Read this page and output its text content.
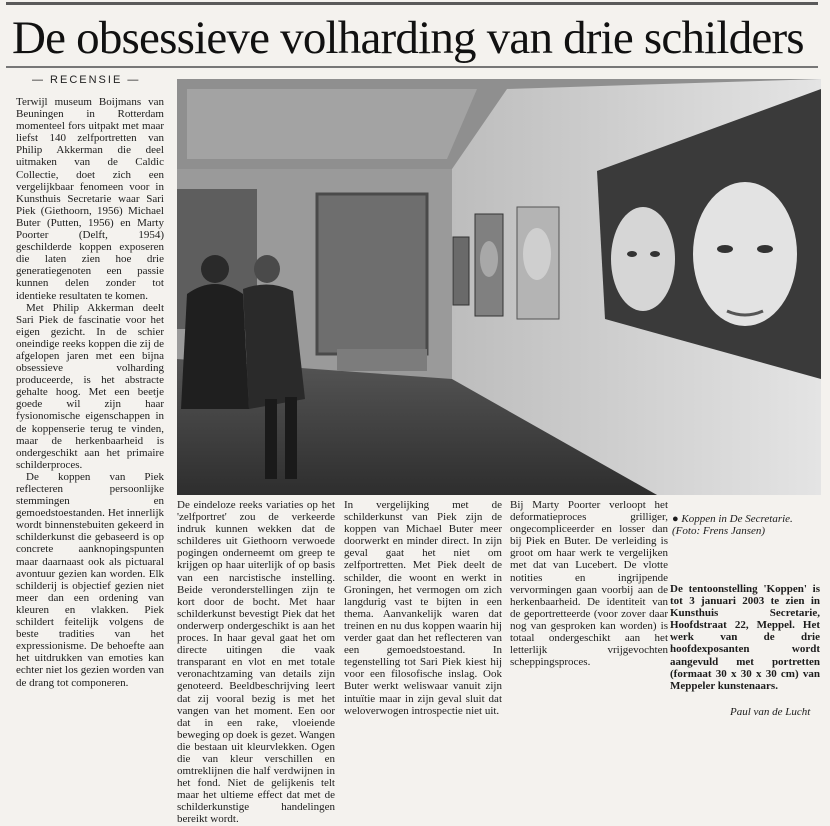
De obsessieve volharding van drie schilders
— RECENSIE —

Terwijl museum Boijmans van Beuningen in Rotterdam momenteel fors uitpakt met maar liefst 140 zelfportretten van Philip Akkerman die deel uitmaken van de Caldic Collectie, doet zich een vergelijkbaar fenomeen voor in Kunsthuis Secretarie waar Sari Piek (Giethoorn, 1956) Michael Buter (Putten, 1956) en Marty Poorter (Delft, 1954) geschilderde koppen exposeren die laten zien hoe drie generatiegenoten een passie kunnen delen zonder tot identieke resultaten te komen.

Met Philip Akkerman deelt Sari Piek de fascinatie voor het eigen gezicht. In de schier oneindige reeks koppen die zij de afgelopen jaren met een bijna obsessieve volharding produceerde, is het abstracte gehalte hoog. Met een beetje goede wil zijn haar fysionomische eigenschappen in de koppenserie terug te vinden, maar de herkenbaarheid is ondergeschikt aan het primaire schilderproces.

De koppen van Piek reflecteren persoonlijke stemmingen en gemoedstoestanden. Het innerlijk wordt binnenstebuiten gekeerd in schilderkunst die gebaseerd is op concrete aanknopingspunten maar daarnaast ook als pictuaral avontuur gezien kan worden. Elk schilderij is objectief gezien niet meer dan een ordening van kleuren en vlakken. Piek schildert feitelijk volgens de beste tradities van het expressionisme. De behoefte aan het uitdrukken van emoties kan echter niet los gezien worden van de drang tot componeren.

De eindeloze reeks variaties op het 'zelfportret' zou de verkeerde indruk kunnen wekken dat de schilderes uit Giethoorn verwoede pogingen onderneemt om greep te krijgen op haar uiterlijk of op basis van een narcistische instelling. Beide veronderstellingen zijn te kort door de bocht. Met haar schilderkunst bevestigt Piek dat het onderwerp ondergeschikt is aan het proces. In haar geval gaat het om directe uitingen die vaak transparant en vlot en met totale veronachtzaming van details zijn genoteerd. Beeldbeschrijving leert dat zij vooral bezig is met het vangen van het moment. Een oor dat in een rake, vloeiende beweging op doek is gezet. Wangen die bestaan uit kleurvlekken. Ogen die van kleur verschillen en omtreklijnen die half verdwijnen in het fond. Niet de gelijkenis telt maar het ultieme effect dat met de schilderkunstige handelingen bereikt wordt.

In vergelijking met de schilderkunst van Piek zijn de koppen van Michael Buter meer doorwerkt en minder direct. In zijn geval gaat het niet om zelfportretten. Met Piek deelt de schilder, die woont en werkt in Groningen, het vermogen om zich langdurig vast te bijten in een thema. Aanvankelijk waren dat treinen en nu dus koppen waarin hij verder gaat dan het reflecteren van een gemoedstoestand. In tegenstelling tot Sari Piek kiest hij voor een filosofische inslag. Ook Buter werkt weliswaar vanuit zijn intuïtie maar in zijn geval sluit dat weloverwogen introspectie niet uit.

Bij Marty Poorter verloopt het deformatieproces grilliger, ongecompliceerder en losser dan bij Piek en Buter. De verleiding is groot om haar werk te vergelijken met dat van Lucebert. De vlotte notities en ingrijpende vervormingen gaan voorbij aan de herkenbaarheid. De identiteit van de geportretteerde (voor zover daar nog van gesproken kan worden) is totaal ondergeschikt aan het letterlijk vrijgevochten scheppingsproces.

● Koppen in De Secretarie. (Foto: Frens Jansen)

De tentoonstelling 'Koppen' is tot 3 januari 2003 te zien in Kunsthuis Secretarie, Hoofdstraat 22, Meppel. Het werk van de drie hoofdexposanten wordt aangevuld met portretten (formaat 30 x 30 x 30 cm) van Meppeler kunstenaars.

Paul van de Lucht
